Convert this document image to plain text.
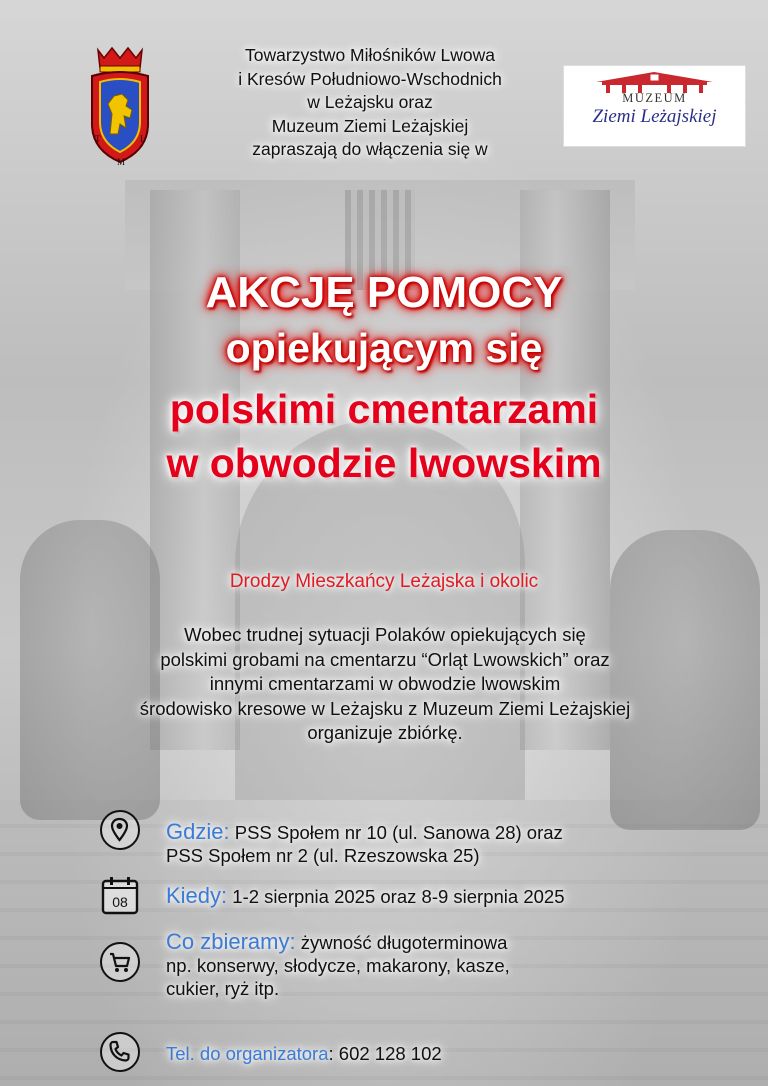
T
M
L
Towarzystwo Miłośników Lwowa
i Kresów Południowo-Wschodnich
w Leżajsku oraz
Muzeum Ziemi Leżajskiej
zapraszają do włączenia się w
MUZEUM
Ziemi Leżajskiej
AKCJĘ POMOCY
opiekującym się
polskimi cmentarzami
w obwodzie lwowskim
Drodzy Mieszkańcy Leżajska i okolic
Wobec trudnej sytuacji Polaków opiekujących się
polskimi grobami na cmentarzu “Orląt Lwowskich” oraz
innymi cmentarzami w obwodzie lwowskim
środowisko kresowe w Leżajsku z Muzeum Ziemi Leżajskiej
organizuje zbiórkę.
Gdzie: PSS Społem nr 10 (ul. Sanowa 28) oraz
PSS Społem nr 2 (ul. Rzeszowska 25)
08 Kiedy: 1-2 sierpnia 2025 oraz 8-9 sierpnia 2025
Co zbieramy: żywność długoterminowa
np. konserwy, słodycze, makarony, kasze,
cukier, ryż itp.
Tel. do organizatora: 602 128 102
